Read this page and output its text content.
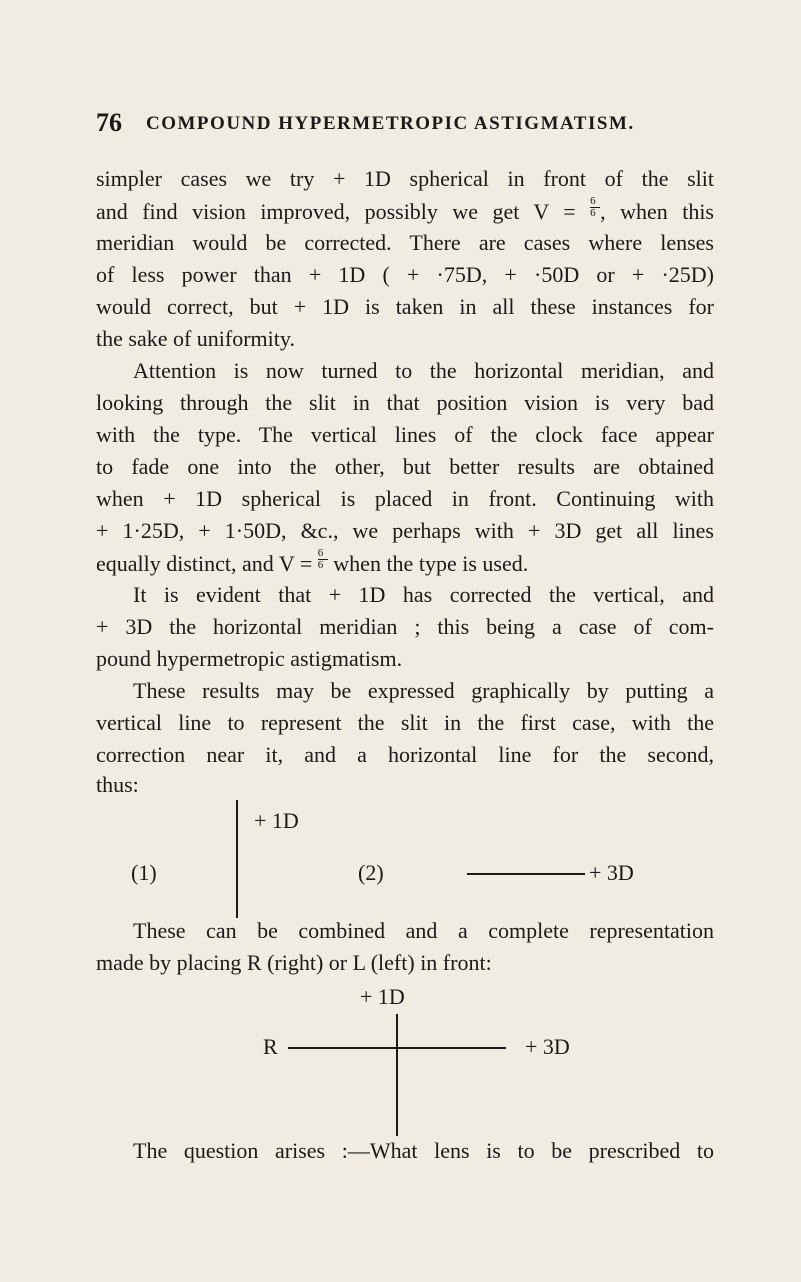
76 COMPOUND HYPERMETROPIC ASTIGMATISM.
simpler cases we try + 1D spherical in front of the slit
and find vision improved, possibly we get $V = \frac{6}{6}$, when this
meridian would be corrected. There are cases where lenses
of less power than + 1D ( + ·75D, + ·50D or + ·25D)
would correct, but + 1D is taken in all these instances for
the sake of uniformity.
Attention is now turned to the horizontal meridian, and
looking through the slit in that position vision is very bad
with the type. The vertical lines of the clock face appear
to fade one into the other, but better results are obtained
when + 1D spherical is placed in front. Continuing with
+ 1·25D, + 1·50D, &c., we perhaps with + 3D get all lines
equally distinct, and $V = \frac{6}{6}$ when the type is used.
It is evident that + 1D has corrected the vertical, and
+ 3D the horizontal meridian ; this being a case of com-
pound hypermetropic astigmatism.
These results may be expressed graphically by putting a
vertical line to represent the slit in the first case, with the
correction near it, and a horizontal line for the second,
thus:
+ 1D
(1)	(2)	+ 3D
These can be combined and a complete representation
made by placing R (right) or L (left) in front:
+ 1D
R	+ 3D
The question arises :—What lens is to be prescribed to
